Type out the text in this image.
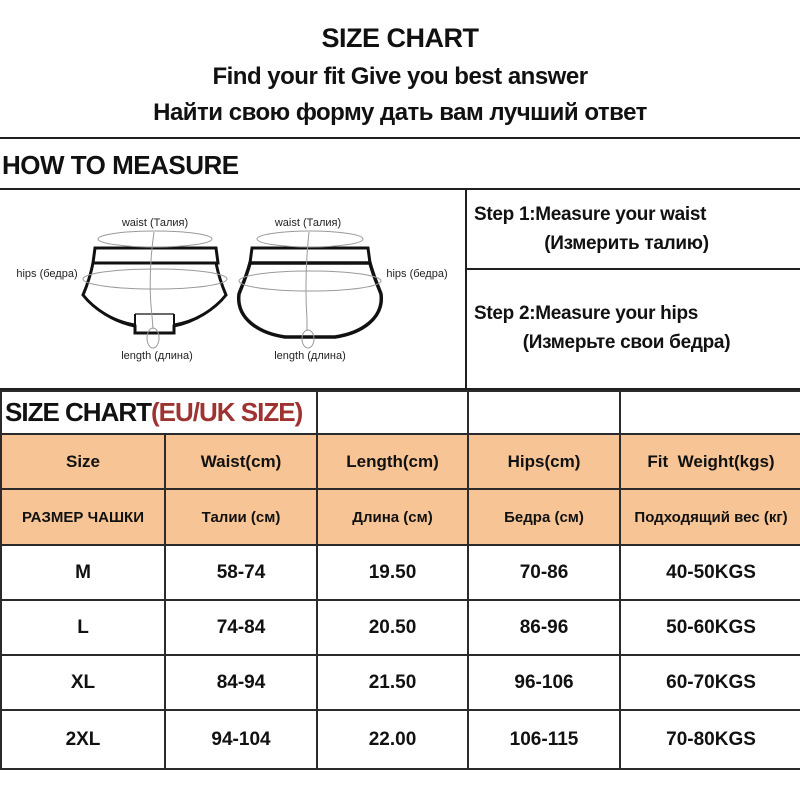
SIZE CHART
Find your fit Give you best answer
Найти свою форму дать вам лучший ответ
HOW TO MEASURE
waist (Талия)	waist (Талия)
hips (бедра)	hips (бедра)
length (длина)	length (длина)
Step 1:Measure your waist
(Измерить талию)
Step 2:Measure your hips
(Измерьте свои бедра)
SIZE CHART(EU/UK SIZE)				
Size	Waist(cm)	Length(cm)	Hips(cm)	Fit  Weight(kgs)
РАЗМЕР ЧАШКИ	Талии (см)	Длина (см)	Бедра (см)	Подходящий вес (кг)
M	58-74	19.50	70-86	40-50KGS
L	74-84	20.50	86-96	50-60KGS
XL	84-94	21.50	96-106	60-70KGS
2XL	94-104	22.00	106-115	70-80KGS
